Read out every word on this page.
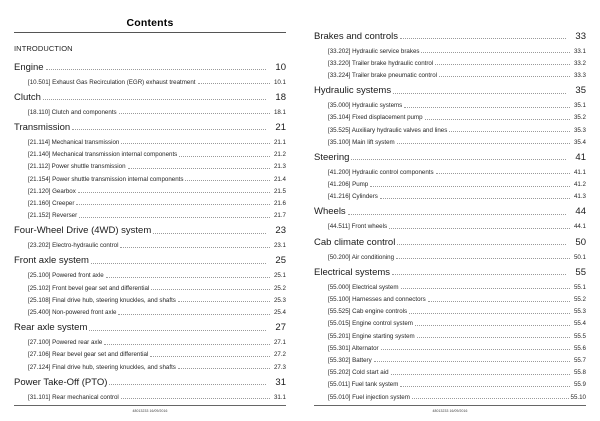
Contents
INTRODUCTION
Engine	10
[10.501] Exhaust Gas Recirculation (EGR) exhaust treatment	10.1
Clutch	18
[18.110] Clutch and components	18.1
Transmission	21
[21.114] Mechanical transmission	21.1
[21.140] Mechanical transmission internal components	21.2
[21.112] Power shuttle transmission	21.3
[21.154] Power shuttle transmission internal components	21.4
[21.120] Gearbox	21.5
[21.160] Creeper	21.6
[21.152] Reverser	21.7
Four-Wheel Drive (4WD) system	23
[23.202] Electro-hydraulic control	23.1
Front axle system	25
[25.100] Powered front axle	25.1
[25.102] Front bevel gear set and differential	25.2
[25.108] Final drive hub, steering knuckles, and shafts	25.3
[25.400] Non-powered front axle	25.4
Rear axle system	27
[27.100] Powered rear axle	27.1
[27.106] Rear bevel gear set and differential	27.2
[27.124] Final drive hub, steering knuckles, and shafts	27.3
Power Take-Off (PTO)	31
[31.101] Rear mechanical control	31.1
48013233 16/09/2016
Brakes and controls	33
[33.202] Hydraulic service brakes	33.1
[33.220] Trailer brake hydraulic control	33.2
[33.224] Trailer brake pneumatic control	33.3
Hydraulic systems	35
[35.000] Hydraulic systems	35.1
[35.104] Fixed displacement pump	35.2
[35.525] Auxiliary hydraulic valves and lines	35.3
[35.100] Main lift system	35.4
Steering	41
[41.200] Hydraulic control components	41.1
[41.206] Pump	41.2
[41.216] Cylinders	41.3
Wheels	44
[44.511] Front wheels	44.1
Cab climate control	50
[50.200] Air conditioning	50.1
Electrical systems	55
[55.000] Electrical system	55.1
[55.100] Harnesses and connectors	55.2
[55.525] Cab engine controls	55.3
[55.015] Engine control system	55.4
[55.201] Engine starting system	55.5
[55.301] Alternator	55.6
[55.302] Battery	55.7
[55.202] Cold start aid	55.8
[55.011] Fuel tank system	55.9
[55.010] Fuel injection system	55.10
48013233 16/09/2016
